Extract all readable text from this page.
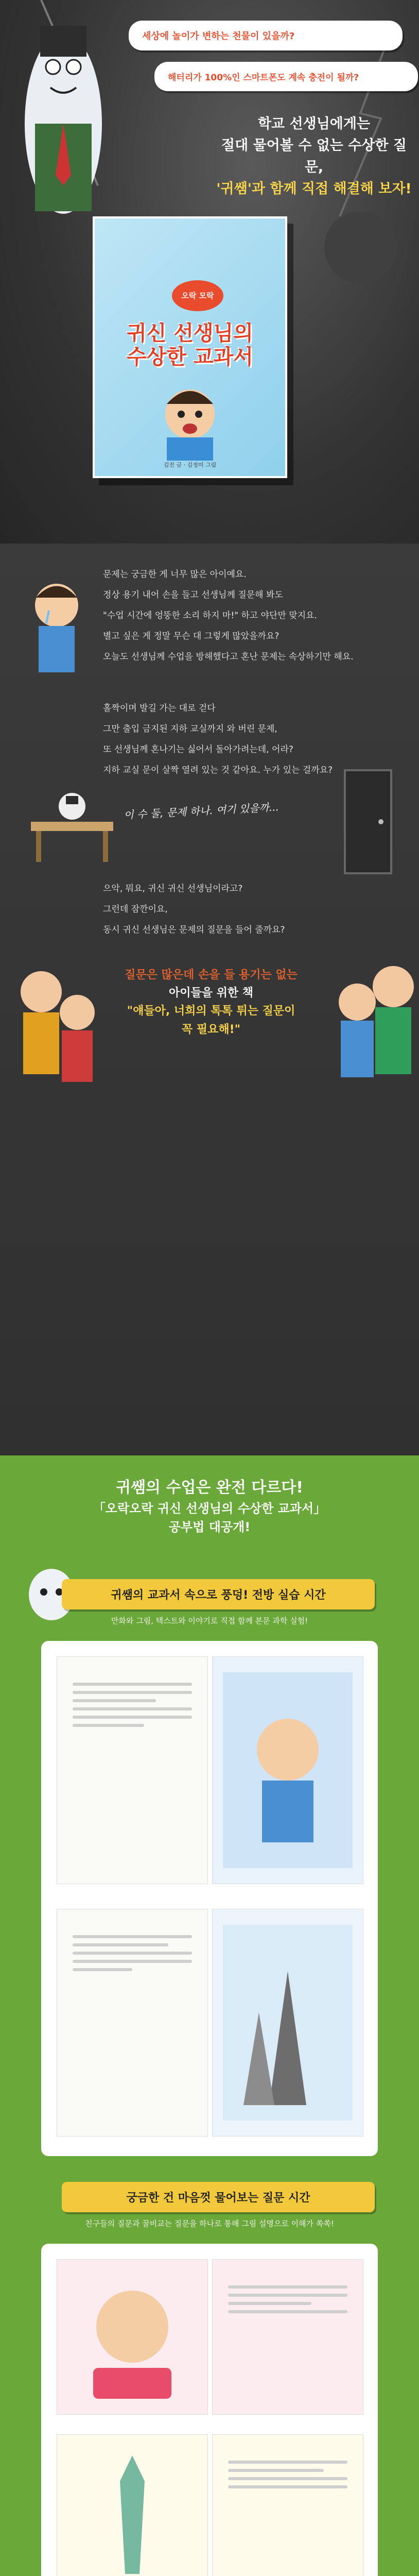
세상에 놀이가 변하는 천물이 있을까?
해터리가 100%인 스마트폰도 계속 충전이 될까?
학교 선생님에게는
절대 물어볼 수 없는 수상한 질문,
'귀쌤'과 함께 직접 해결해 보자!
오락 모락
귀신 선생님의
수상한 교과서
김진 글 · 김정미 그림
문제는 궁금한 게 너무 많은 아이예요.
정상 용기 내어 손을 들고 선생님께 질문해 봐도
"수업 시간에 엉뚱한 소리 하지 마!" 하고 야단만 맞지요.
별고 싶은 게 정말 무슨 대 그렇게 많았을까요?
오늘도 선생님께 수업을 방해했다고 혼난 문제는 속상하기만 해요.
홀짝이며 발길 가는 대로 걷다
그만 출입 금지된 지하 교실까지 와 버린 문제,
또 선생님께 혼나기는 싫어서 돌아가려는데, 어라?
지하 교실 문이 살짝 열려 있는 것 같아요. 누가 있는 걸까요?
이 수 둘, 문제 하나. 여기 있을까...
으악, 뭐요, 귀신 귀신 선생님이라고?
그런데 잠깐이요,
동시 귀신 선생님은 문제의 질문을 들어 줄까요?
질문은 많은데 손을 들 용기는 없는
아이들을 위한 책
"얘들아, 너희의 톡톡 튀는 질문이
꼭 필요해!"
귀쌤의 수업은 완전 다르다!
「오락오락 귀신 선생님의 수상한 교과서」
공부법 대공개!
귀쌤의 교과서 속으로 풍덩! 전방 실습 시간
만화와 그림, 텍스트와 이야기로 직접 함께 본문 과학 실험!
궁금한 건 마음껏 물어보는 질문 시간
친구들의 질문과 꿀비교는 질문을 하나로 통해 그림 설명으로 이해가 쏙쏙!
